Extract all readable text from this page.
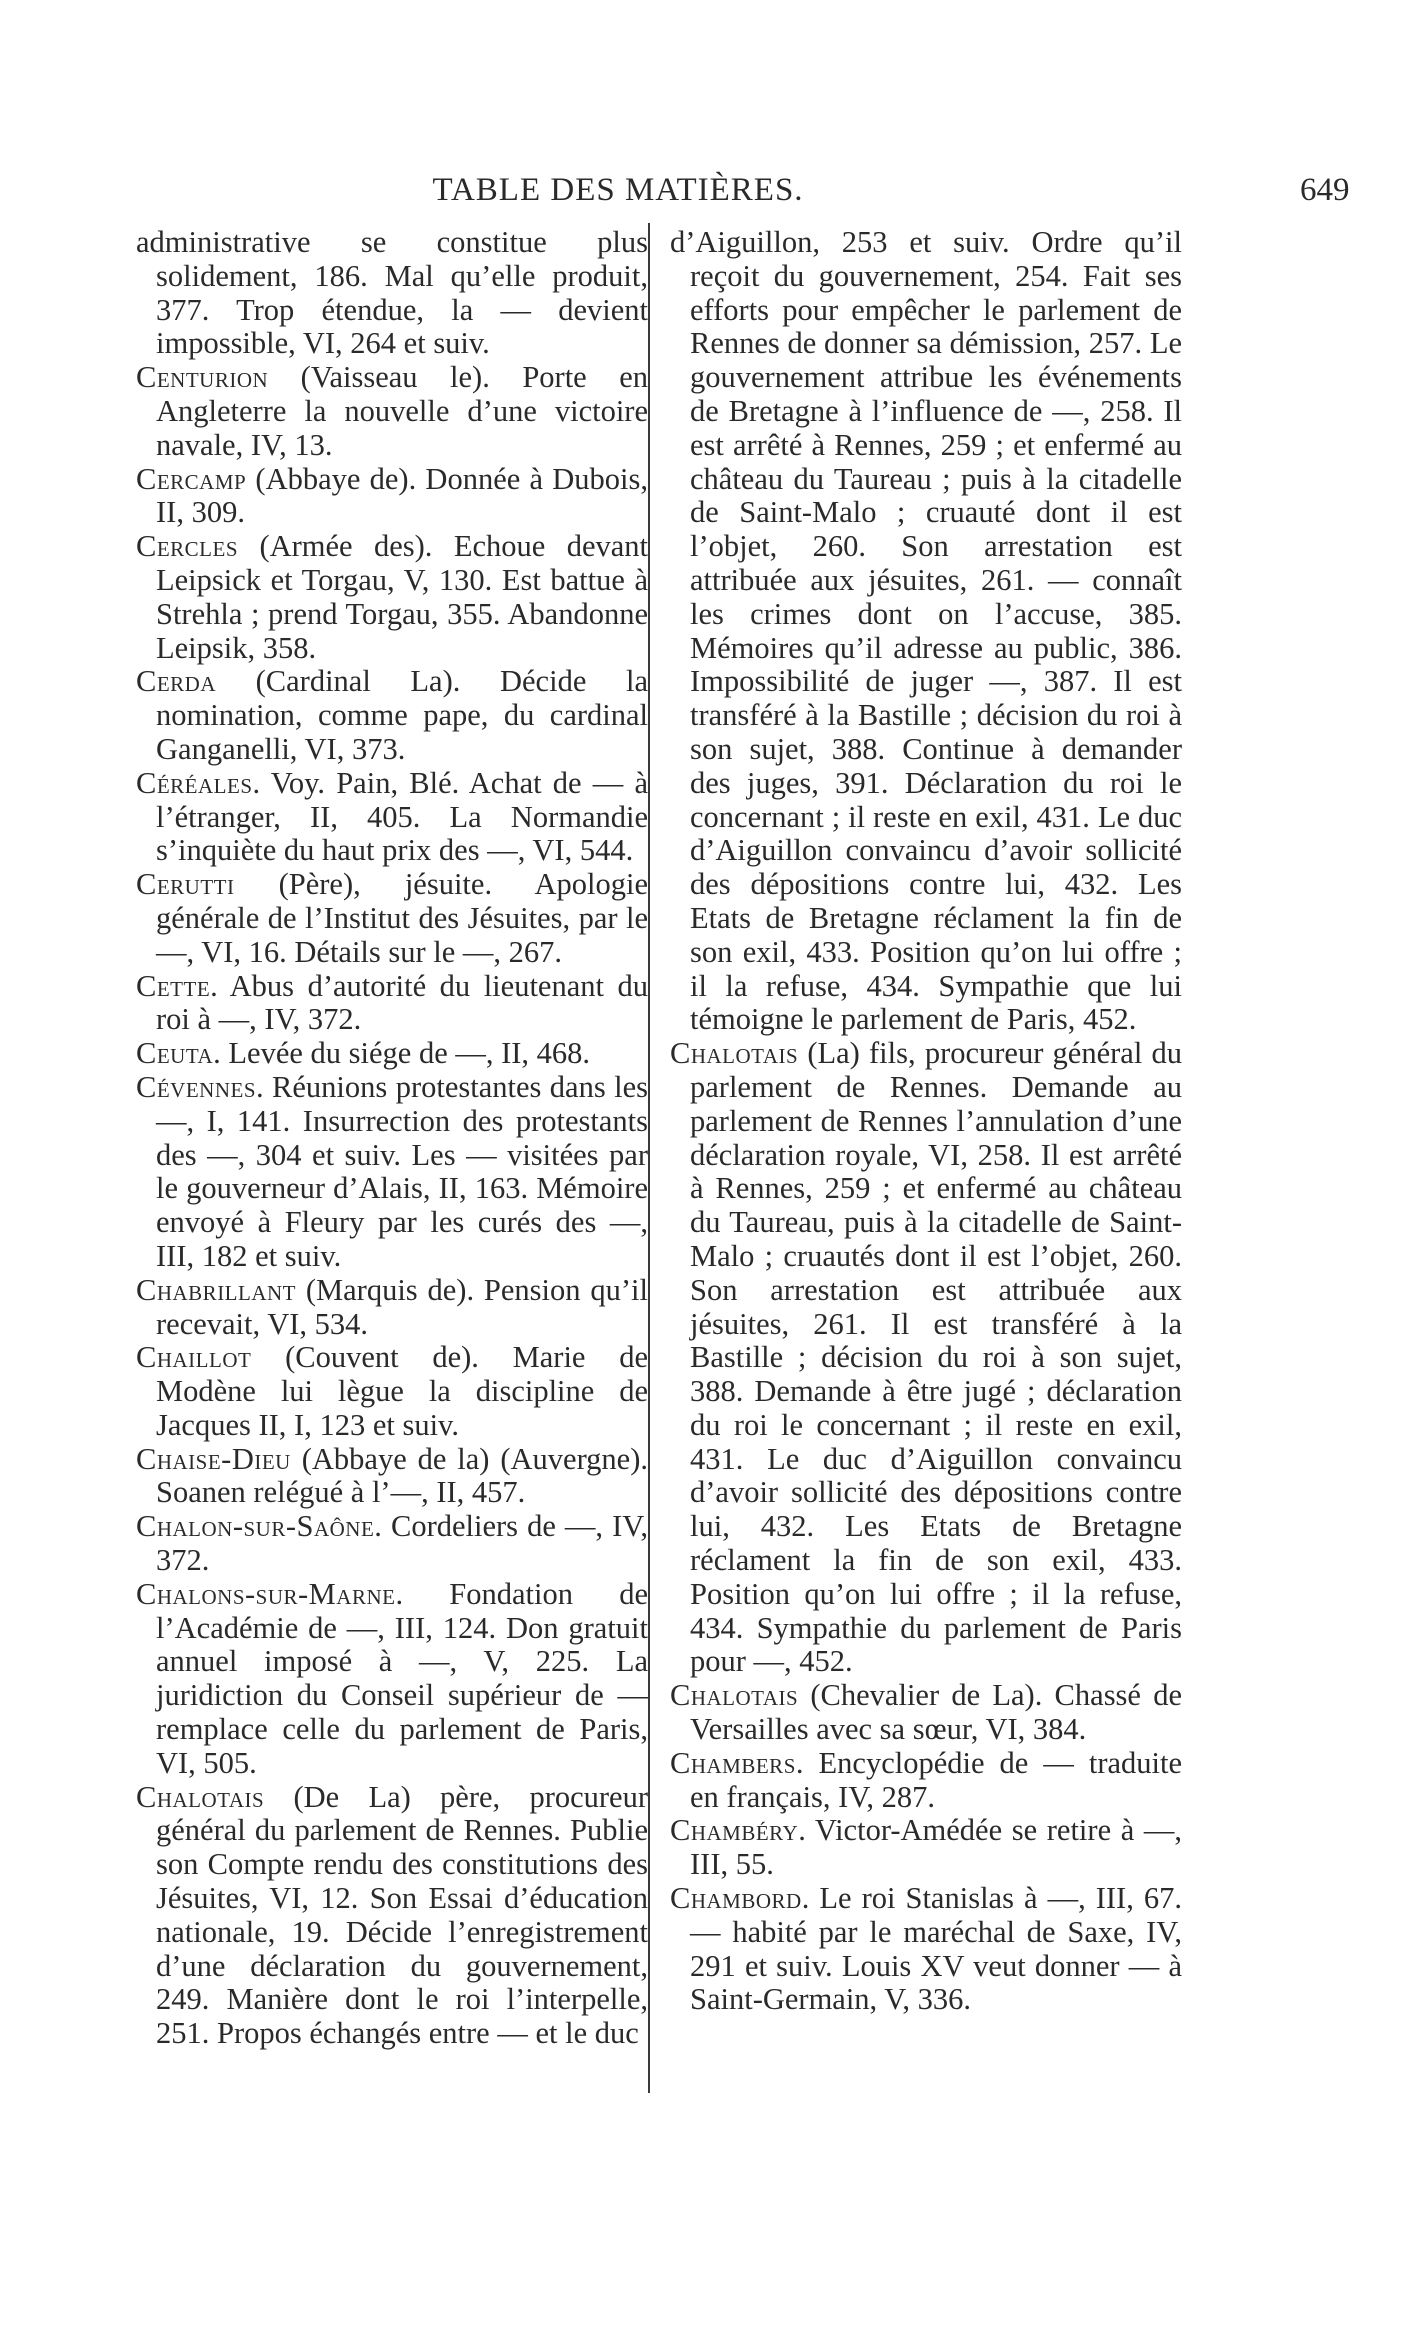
TABLE DES MATIÈRES.	649

administrative se constitue plus solidement, 186. Mal qu’elle produit, 377. Trop étendue, la — devient impossible, VI, 264 et suiv.

Centurion (Vaisseau le). Porte en Angleterre la nouvelle d’une victoire navale, IV, 13.

Cercamp (Abbaye de). Donnée à Dubois, II, 309.

Cercles (Armée des). Echoue devant Leipsick et Torgau, V, 130. Est battue à Strehla ; prend Torgau, 355. Abandonne Leipsik, 358.

Cerda (Cardinal La). Décide la nomination, comme pape, du cardinal Ganganelli, VI, 373.

Céréales. Voy. Pain, Blé. Achat de — à l’étranger, II, 405. La Normandie s’inquiète du haut prix des —, VI, 544.

Cerutti (Père), jésuite. Apologie générale de l’Institut des Jésuites, par le —, VI, 16. Détails sur le —, 267.

Cette. Abus d’autorité du lieutenant du roi à —, IV, 372.

Ceuta. Levée du siége de —, II, 468.

Cévennes. Réunions protestantes dans les —, I, 141. Insurrection des protestants des —, 304 et suiv. Les — visitées par le gouverneur d’Alais, II, 163. Mémoire envoyé à Fleury par les curés des —, III, 182 et suiv.

Chabrillant (Marquis de). Pension qu’il recevait, VI, 534.

Chaillot (Couvent de). Marie de Modène lui lègue la discipline de Jacques II, I, 123 et suiv.

Chaise-Dieu (Abbaye de la) (Auvergne). Soanen relégué à l’—, II, 457.

Chalon-sur-Saône. Cordeliers de —, IV, 372.

Chalons-sur-Marne. Fondation de l’Académie de —, III, 124. Don gratuit annuel imposé à —, V, 225. La juridiction du Conseil supérieur de — remplace celle du parlement de Paris, VI, 505.

Chalotais (De La) père, procureur général du parlement de Rennes. Publie son Compte rendu des constitutions des Jésuites, VI, 12. Son Essai d’éducation nationale, 19. Décide l’enregistrement d’une déclaration du gouvernement, 249. Manière dont le roi l’interpelle, 251. Propos échangés entre — et le duc

d’Aiguillon, 253 et suiv. Ordre qu’il reçoit du gouvernement, 254. Fait ses efforts pour empêcher le parlement de Rennes de donner sa démission, 257. Le gouvernement attribue les événements de Bretagne à l’influence de —, 258. Il est arrêté à Rennes, 259 ; et enfermé au château du Taureau ; puis à la citadelle de Saint-Malo ; cruauté dont il est l’objet, 260. Son arrestation est attribuée aux jésuites, 261. — connaît les crimes dont on l’accuse, 385. Mémoires qu’il adresse au public, 386. Impossibilité de juger —, 387. Il est transféré à la Bastille ; décision du roi à son sujet, 388. Continue à demander des juges, 391. Déclaration du roi le concernant ; il reste en exil, 431. Le duc d’Aiguillon convaincu d’avoir sollicité des dépositions contre lui, 432. Les Etats de Bretagne réclament la fin de son exil, 433. Position qu’on lui offre ; il la refuse, 434. Sympathie que lui témoigne le parlement de Paris, 452.

Chalotais (La) fils, procureur général du parlement de Rennes. Demande au parlement de Rennes l’annulation d’une déclaration royale, VI, 258. Il est arrêté à Rennes, 259 ; et enfermé au château du Taureau, puis à la citadelle de Saint-Malo ; cruautés dont il est l’objet, 260. Son arrestation est attribuée aux jésuites, 261. Il est transféré à la Bastille ; décision du roi à son sujet, 388. Demande à être jugé ; déclaration du roi le concernant ; il reste en exil, 431. Le duc d’Aiguillon convaincu d’avoir sollicité des dépositions contre lui, 432. Les Etats de Bretagne réclament la fin de son exil, 433. Position qu’on lui offre ; il la refuse, 434. Sympathie du parlement de Paris pour —, 452.

Chalotais (Chevalier de La). Chassé de Versailles avec sa sœur, VI, 384.

Chambers. Encyclopédie de — traduite en français, IV, 287.

Chambéry. Victor-Amédée se retire à —, III, 55.

Chambord. Le roi Stanislas à —, III, 67. — habité par le maréchal de Saxe, IV, 291 et suiv. Louis XV veut donner — à Saint-Germain, V, 336.
